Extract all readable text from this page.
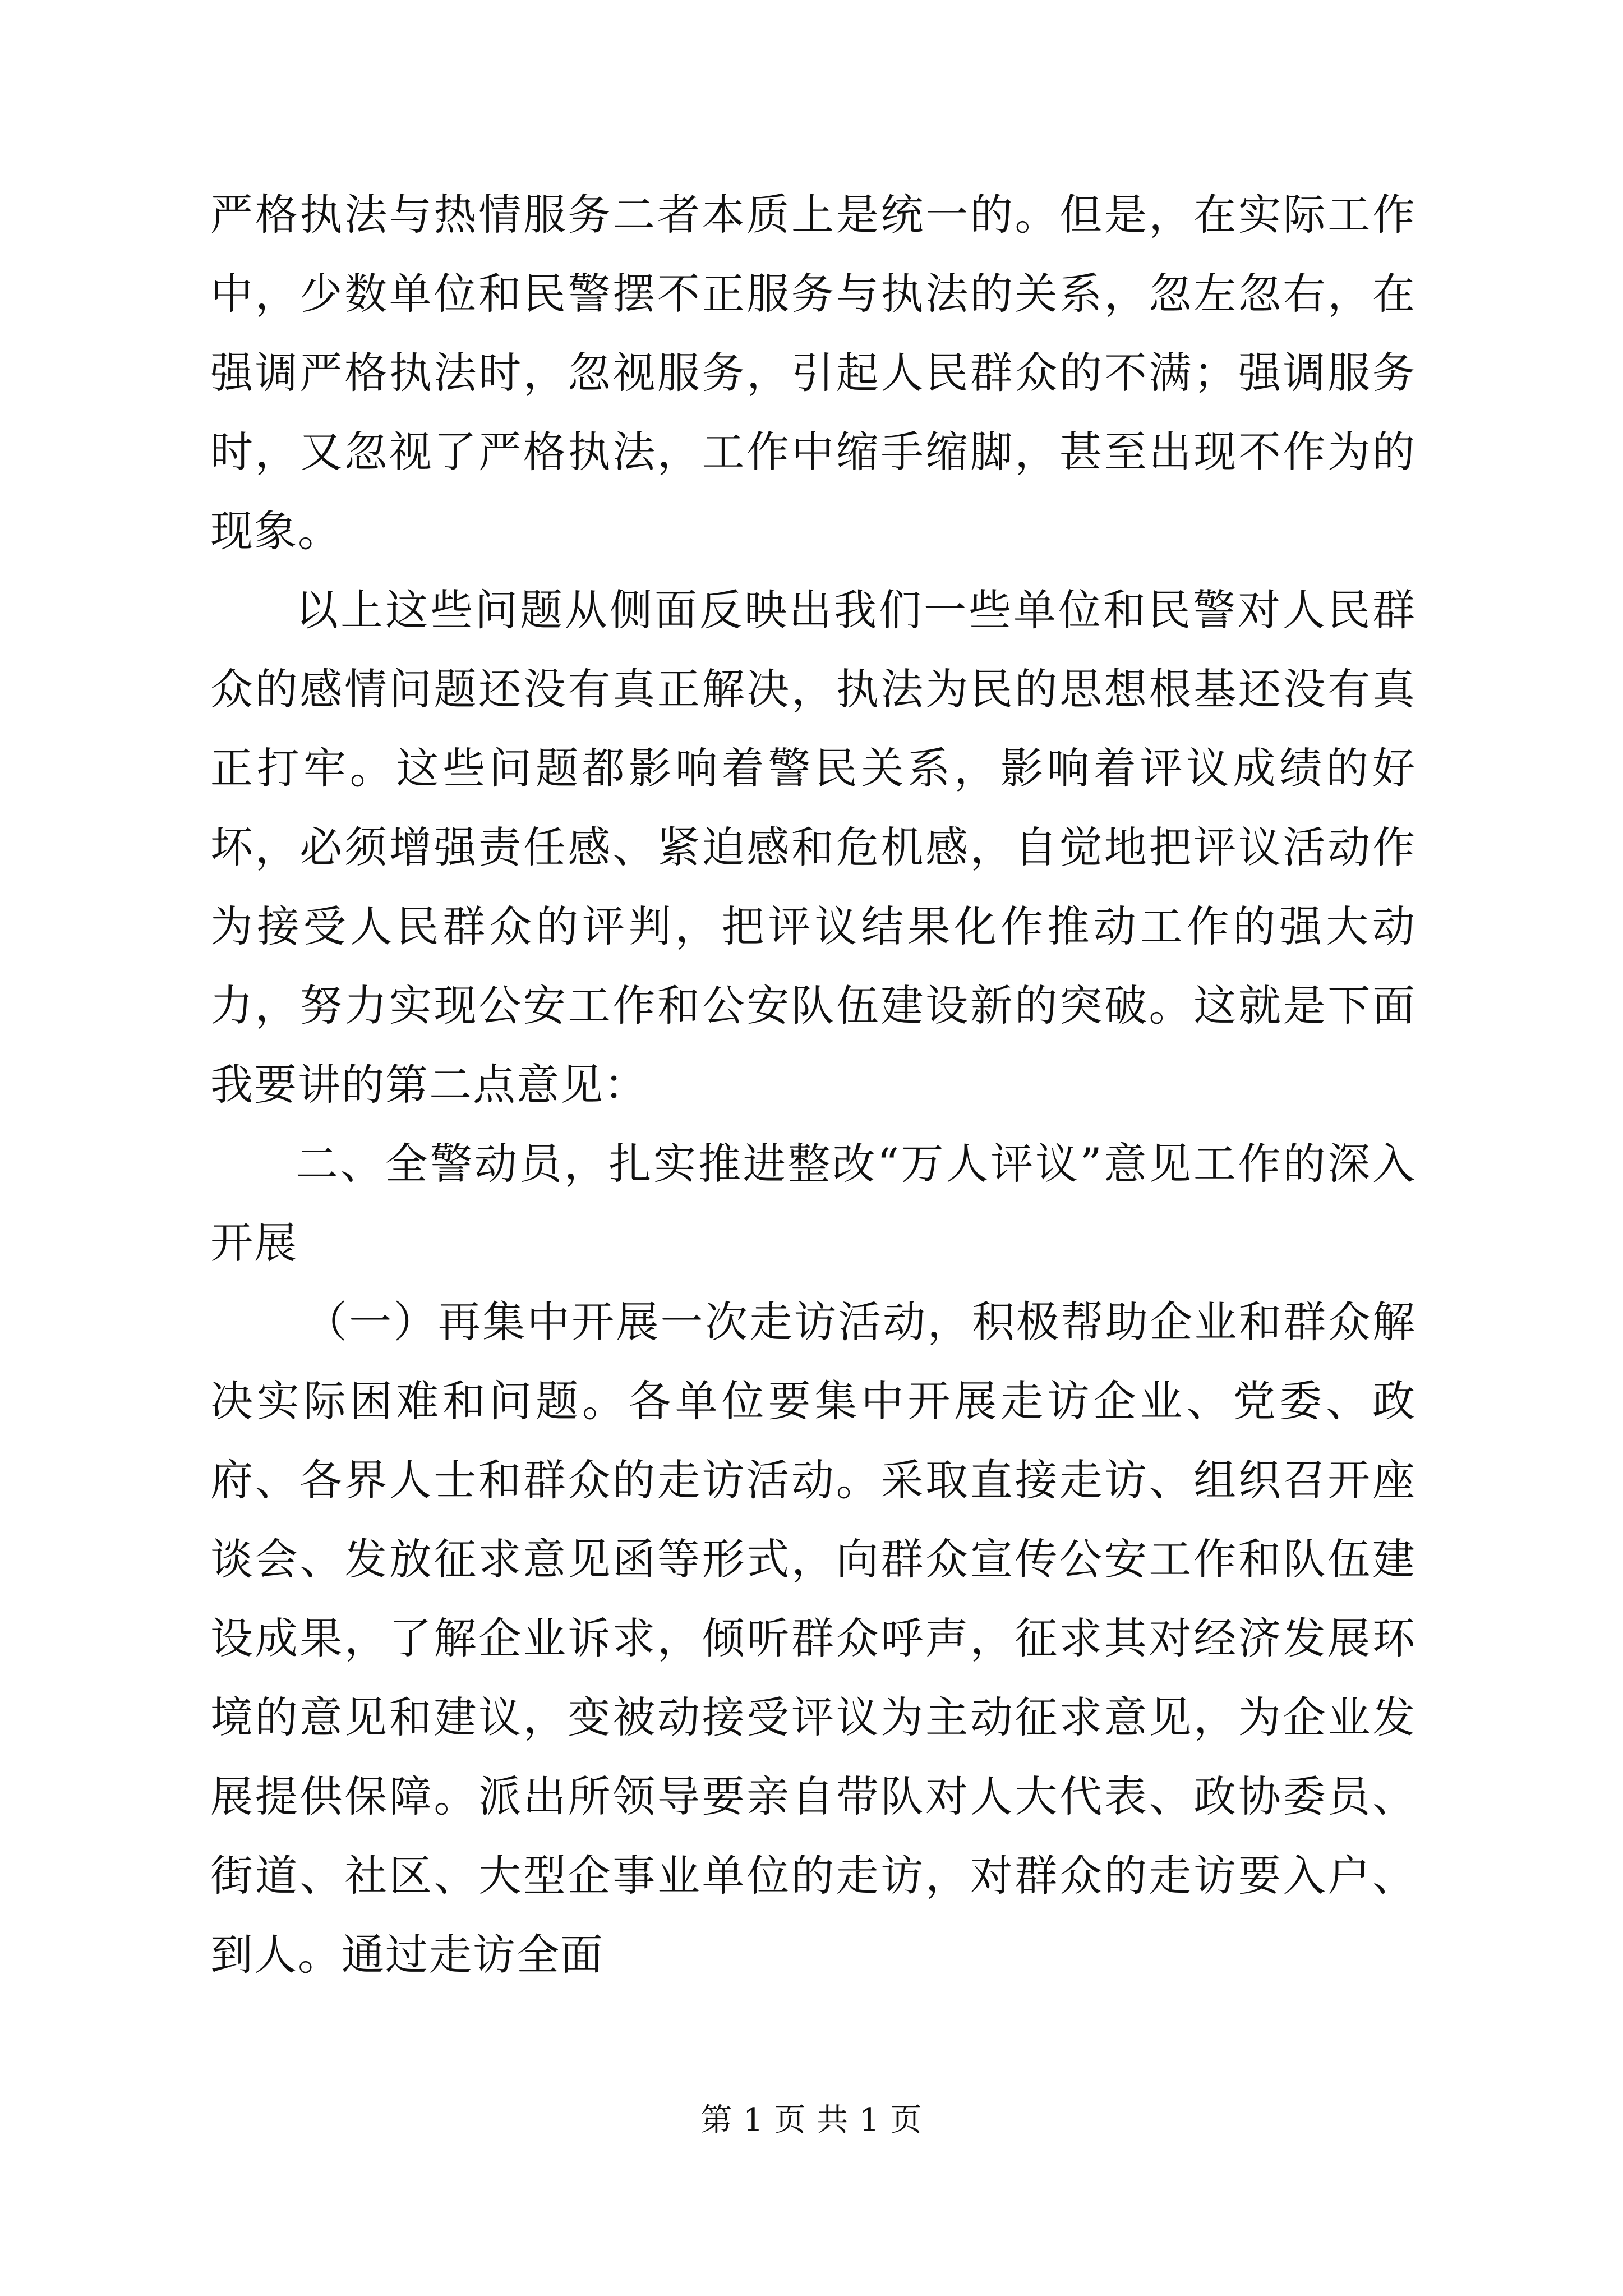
严格执法与热情服务二者本质上是统一的。但是，在实际工作中，少数单位和民警摆不正服务与执法的关系，忽左忽右，在强调严格执法时，忽视服务，引起人民群众的不满；强调服务时，又忽视了严格执法，工作中缩手缩脚，甚至出现不作为的现象。

以上这些问题从侧面反映出我们一些单位和民警对人民群众的感情问题还没有真正解决，执法为民的思想根基还没有真正打牢。这些问题都影响着警民关系，影响着评议成绩的好坏，必须增强责任感、紧迫感和危机感，自觉地把评议活动作为接受人民群众的评判，把评议结果化作推动工作的强大动力，努力实现公安工作和公安队伍建设新的突破。这就是下面我要讲的第二点意见：

二、全警动员，扎实推进整改“万人评议”意见工作的深入开展

（一）再集中开展一次走访活动，积极帮助企业和群众解决实际困难和问题。各单位要集中开展走访企业、党委、政府、各界人士和群众的走访活动。采取直接走访、组织召开座谈会、发放征求意见函等形式，向群众宣传公安工作和队伍建设成果，了解企业诉求，倾听群众呼声，征求其对经济发展环境的意见和建议，变被动接受评议为主动征求意见，为企业发展提供保障。派出所领导要亲自带队对人大代表、政协委员、街道、社区、大型企事业单位的走访，对群众的走访要入户、到人。通过走访全面

第 1 页 共 1 页
